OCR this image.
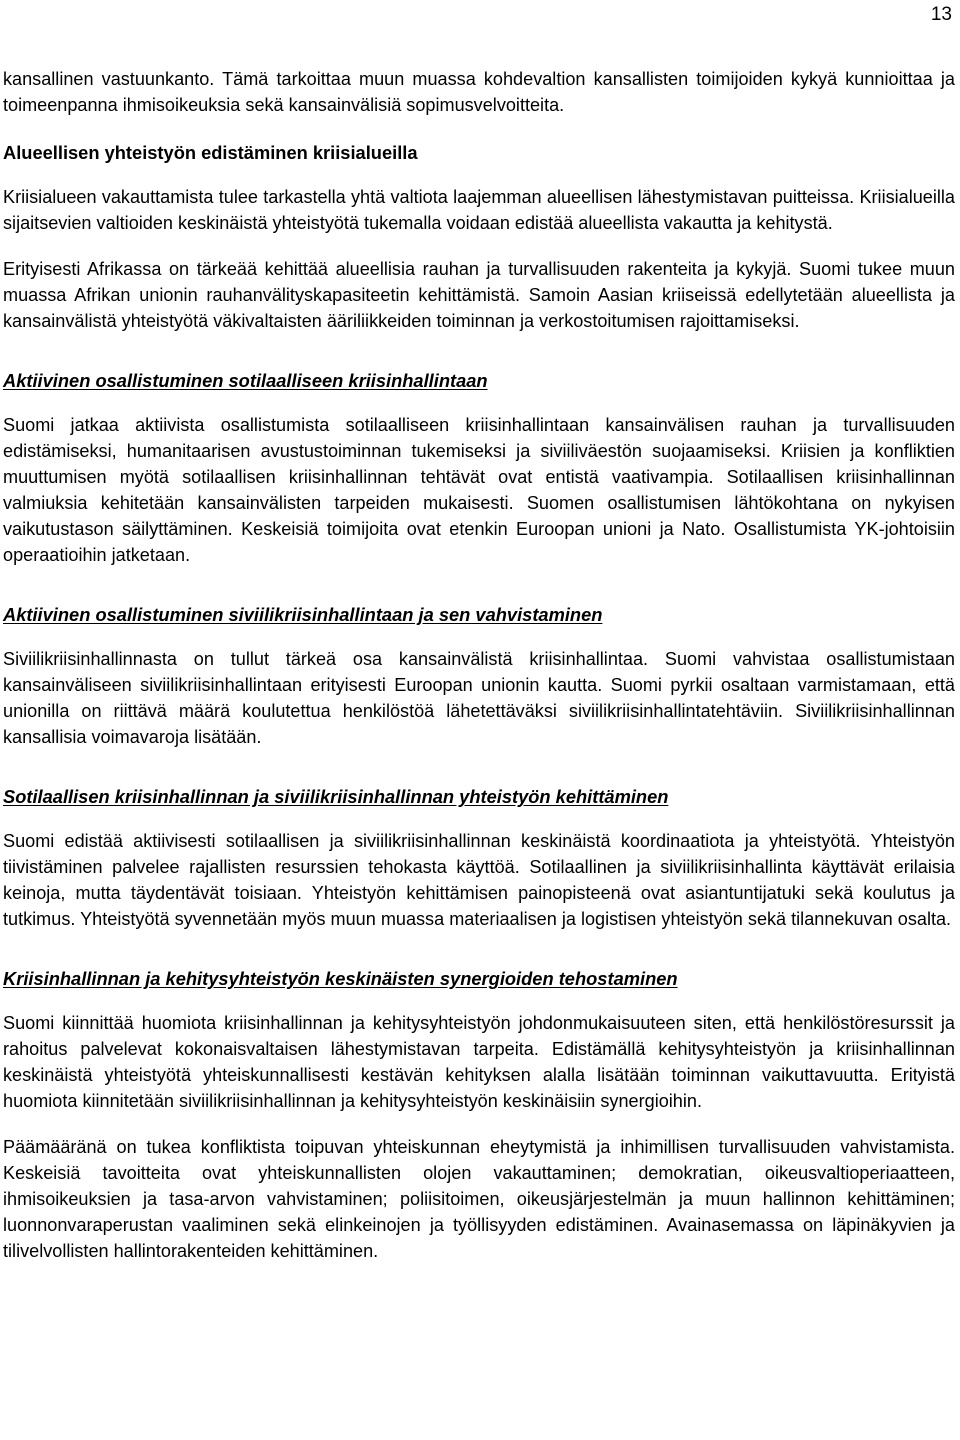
13

kansallinen vastuunkanto. Tämä tarkoittaa muun muassa kohdevaltion kansallisten toimijoiden kykyä kunnioittaa ja toimeenpanna ihmisoikeuksia sekä kansainvälisiä sopimusvelvoitteita.

Alueellisen yhteistyön edistäminen kriisialueilla

Kriisialueen vakauttamista tulee tarkastella yhtä valtiota laajemman alueellisen lähestymistavan puitteissa. Kriisialueilla sijaitsevien valtioiden keskinäistä yhteistyötä tukemalla voidaan edistää alueellista vakautta ja kehitystä.

Erityisesti Afrikassa on tärkeää kehittää alueellisia rauhan ja turvallisuuden rakenteita ja kykyjä. Suomi tukee muun muassa Afrikan unionin rauhanvälityskapasiteetin kehittämistä. Samoin Aasian kriiseissä edellytetään alueellista ja kansainvälistä yhteistyötä väkivaltaisten ääriliikkeiden toiminnan ja verkostoitumisen rajoittamiseksi.

Aktiivinen osallistuminen sotilaalliseen kriisinhallintaan

Suomi jatkaa aktiivista osallistumista sotilaalliseen kriisinhallintaan kansainvälisen rauhan ja turvallisuuden edistämiseksi, humanitaarisen avustustoiminnan tukemiseksi ja siviiliväestön suojaamiseksi. Kriisien ja konfliktien muuttumisen myötä sotilaallisen kriisinhallinnan tehtävät ovat entistä vaativampia. Sotilaallisen kriisinhallinnan valmiuksia kehitetään kansainvälisten tarpeiden mukaisesti. Suomen osallistumisen lähtökohtana on nykyisen vaikutustason säilyttäminen. Keskeisiä toimijoita ovat etenkin Euroopan unioni ja Nato. Osallistumista YK-johtoisiin operaatioihin jatketaan.

Aktiivinen osallistuminen siviilikriisinhallintaan ja sen vahvistaminen

Siviilikriisinhallinnasta on tullut tärkeä osa kansainvälistä kriisinhallintaa. Suomi vahvistaa osallistumistaan kansainväliseen siviilikriisinhallintaan erityisesti Euroopan unionin kautta. Suomi pyrkii osaltaan varmistamaan, että unionilla on riittävä määrä koulutettua henkilöstöä lähetettäväksi siviilikriisinhallintatehtäviin. Siviilikriisinhallinnan kansallisia voimavaroja lisätään.

Sotilaallisen kriisinhallinnan ja siviilikriisinhallinnan yhteistyön kehittäminen

Suomi edistää aktiivisesti sotilaallisen ja siviilikriisinhallinnan keskinäistä koordinaatiota ja yhteistyötä. Yhteistyön tiivistäminen palvelee rajallisten resurssien tehokasta käyttöä. Sotilaallinen ja siviilikriisinhallinta käyttävät erilaisia keinoja, mutta täydentävät toisiaan. Yhteistyön kehittämisen painopisteenä ovat asiantuntijatuki sekä koulutus ja tutkimus. Yhteistyötä syvennetään myös muun muassa materiaalisen ja logistisen yhteistyön sekä tilannekuvan osalta.

Kriisinhallinnan ja kehitysyhteistyön keskinäisten synergioiden tehostaminen

Suomi kiinnittää huomiota kriisinhallinnan ja kehitysyhteistyön johdonmukaisuuteen siten, että henkilöstöresurssit ja rahoitus palvelevat kokonaisvaltaisen lähestymistavan tarpeita. Edistämällä kehitysyhteistyön ja kriisinhallinnan keskinäistä yhteistyötä yhteiskunnallisesti kestävän kehityksen alalla lisätään toiminnan vaikuttavuutta. Erityistä huomiota kiinnitetään siviilikriisinhallinnan ja kehitysyhteistyön keskinäisiin synergioihin.

Päämääränä on tukea konfliktista toipuvan yhteiskunnan eheytymistä ja inhimillisen turvallisuuden vahvistamista. Keskeisiä tavoitteita ovat yhteiskunnallisten olojen vakauttaminen; demokratian, oikeusvaltioperiaatteen, ihmisoikeuksien ja tasa-arvon vahvistaminen; poliisitoimen, oikeusjärjestelmän ja muun hallinnon kehittäminen; luonnonvaraperustan vaaliminen sekä elinkeinojen ja työllisyyden edistäminen. Avainasemassa on läpinäkyvien ja tilivelvollisten hallintorakenteiden kehittäminen.
